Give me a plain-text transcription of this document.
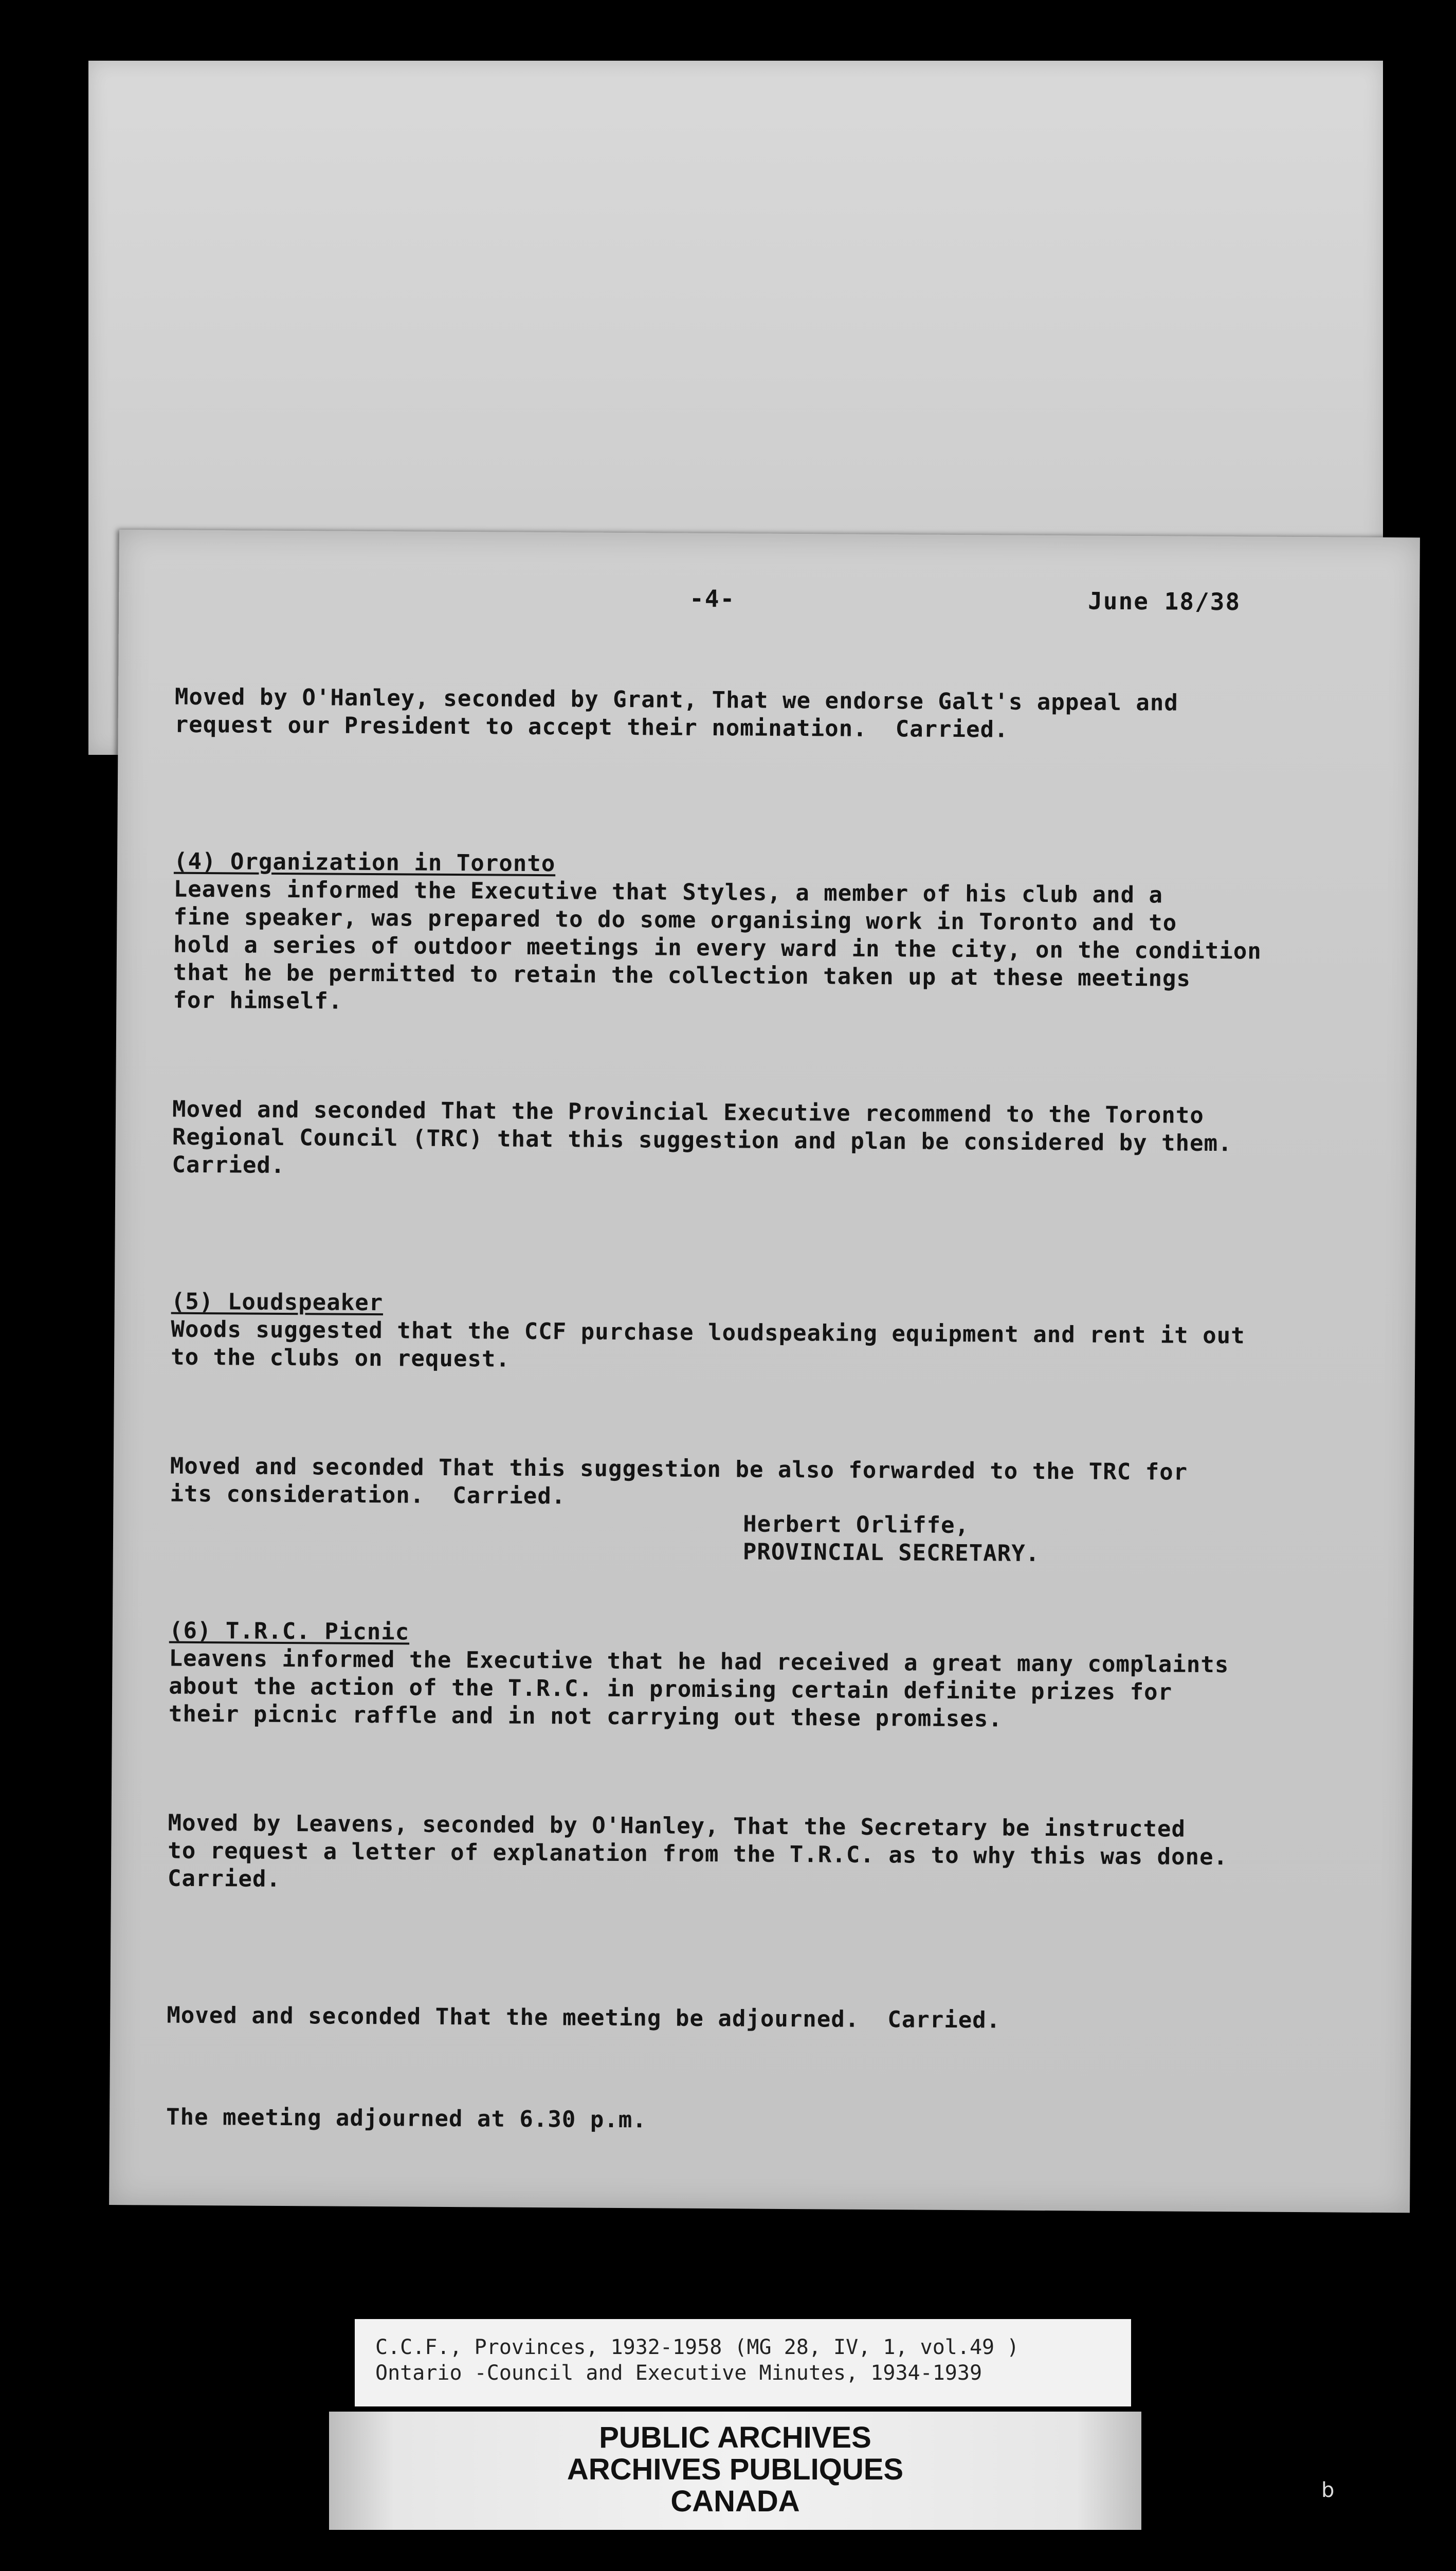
-4-	June 18/38

Moved by O'Hanley, seconded by Grant, That we endorse Galt's appeal and
request our President to accept their nomination.  Carried.

(4) Organization in Toronto
Leavens informed the Executive that Styles, a member of his club and a
fine speaker, was prepared to do some organising work in Toronto and to
hold a series of outdoor meetings in every ward in the city, on the condition
that he be permitted to retain the collection taken up at these meetings
for himself.

Moved and seconded That the Provincial Executive recommend to the Toronto
Regional Council (TRC) that this suggestion and plan be considered by them.
Carried.

(5) Loudspeaker
Woods suggested that the CCF purchase loudspeaking equipment and rent it out
to the clubs on request.

Moved and seconded That this suggestion be also forwarded to the TRC for
its consideration.  Carried.

(6) T.R.C. Picnic
Leavens informed the Executive that he had received a great many complaints
about the action of the T.R.C. in promising certain definite prizes for
their picnic raffle and in not carrying out these promises.

Moved by Leavens, seconded by O'Hanley, That the Secretary be instructed
to request a letter of explanation from the T.R.C. as to why this was done.
Carried.

Moved and seconded That the meeting be adjourned.  Carried.

The meeting adjourned at 6.30 p.m.

Herbert Orliffe,
PROVINCIAL SECRETARY.
C.C.F., Provinces, 1932-1958 (MG 28, IV, 1, vol.49 )
Ontario -Council and Executive Minutes, 1934-1939
PUBLIC ARCHIVES
ARCHIVES PUBLIQUES
CANADA	b
